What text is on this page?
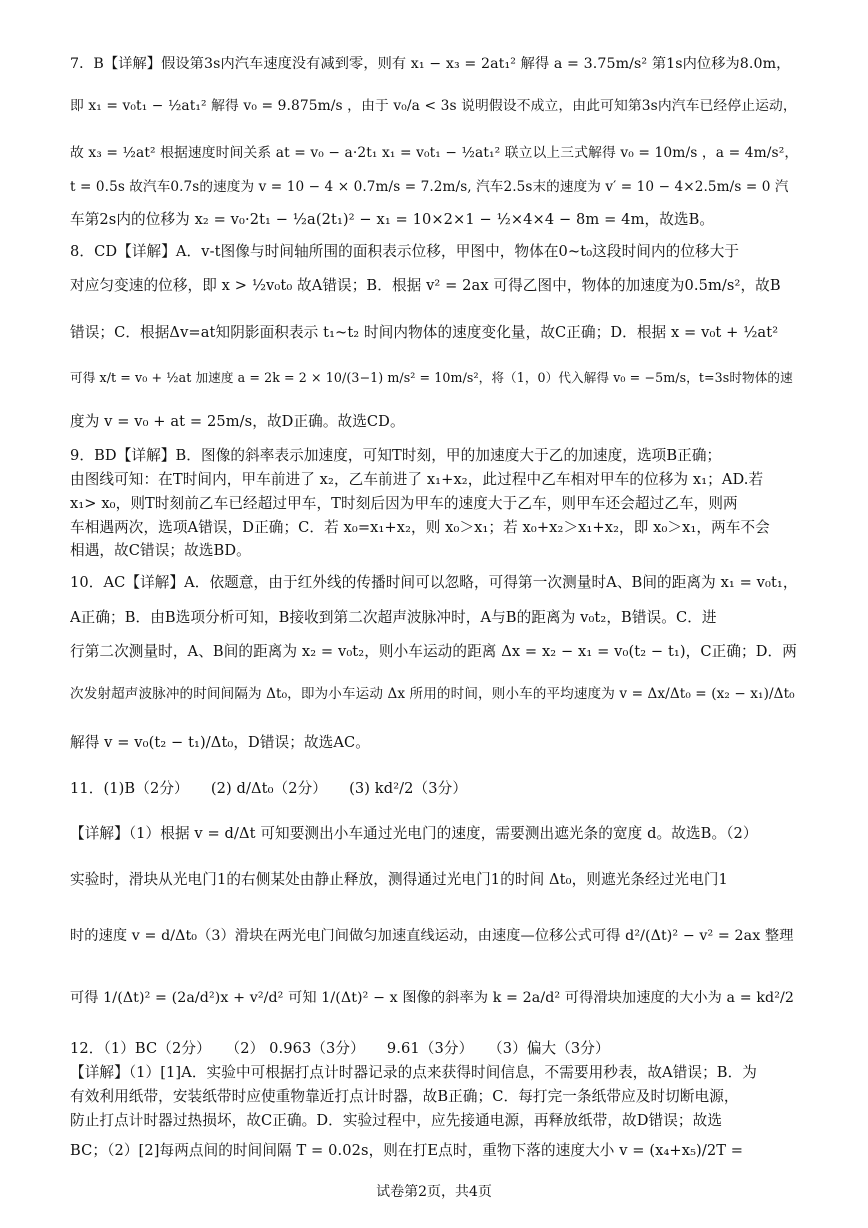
7．B【详解】假设第3s内汽车速度没有减到零，则有 x₁ − x₃ = 2at₁² 解得 a = 3.75m/s² 第1s内位移为8.0m，
即 x₁ = v₀t₁ − ½at₁² 解得 v₀ = 9.875m/s ，由于 v₀/a < 3s 说明假设不成立，由此可知第3s内汽车已经停止运动，
故 x₃ = ½at² 根据速度时间关系 at = v₀ − a·2t₁ x₁ = v₀t₁ − ½at₁² 联立以上三式解得 v₀ = 10m/s ，a = 4m/s²，
t = 0.5s 故汽车0.7s的速度为 v = 10 − 4 × 0.7m/s = 7.2m/s, 汽车2.5s末的速度为 v′ = 10 − 4×2.5m/s = 0 汽
车第2s内的位移为 x₂ = v₀·2t₁ − ½a(2t₁)² − x₁ = 10×2×1 − ½×4×4 − 8m = 4m，故选B。
8．CD【详解】A．v-t图像与时间轴所围的面积表示位移，甲图中，物体在0~t₀这段时间内的位移大于
对应匀变速的位移，即 x > ½v₀t₀ 故A错误；B．根据 v² = 2ax 可得乙图中，物体的加速度为0.5m/s²，故B
错误；C．根据Δv=at知阴影面积表示 t₁~t₂ 时间内物体的速度变化量，故C正确；D．根据 x = v₀t + ½at²
可得 x/t = v₀ + ½at 加速度 a = 2k = 2 × 10/(3−1) m/s² = 10m/s²，将（1，0）代入解得 v₀ = −5m/s，t=3s时物体的速
度为 v = v₀ + at = 25m/s，故D正确。故选CD。
9．BD【详解】B．图像的斜率表示加速度，可知T时刻，甲的加速度大于乙的加速度，选项B正确；
由图线可知：在T时间内，甲车前进了 x₂，乙车前进了 x₁+x₂，此过程中乙车相对甲车的位移为 x₁；AD.若
x₁> x₀，则T时刻前乙车已经超过甲车，T时刻后因为甲车的速度大于乙车，则甲车还会超过乙车，则两
车相遇两次，选项A错误，D正确；C．若 x₀=x₁+x₂，则 x₀＞x₁；若 x₀+x₂＞x₁+x₂，即 x₀＞x₁，两车不会
相遇，故C错误；故选BD。
10．AC【详解】A．依题意，由于红外线的传播时间可以忽略，可得第一次测量时A、B间的距离为 x₁ = v₀t₁，
A正确；B．由B选项分析可知，B接收到第二次超声波脉冲时，A与B的距离为 v₀t₂，B错误。C．进
行第二次测量时，A、B间的距离为 x₂ = v₀t₂，则小车运动的距离 Δx = x₂ − x₁ = v₀(t₂ − t₁)，C正确；D．两
次发射超声波脉冲的时间间隔为 Δt₀，即为小车运动 Δx 所用的时间，则小车的平均速度为 v = Δx/Δt₀ = (x₂ − x₁)/Δt₀
解得 v = v₀(t₂ − t₁)/Δt₀，D错误；故选AC。
11．(1)B（2分）　　(2) d/Δt₀（2分）　　(3) kd²/2（3分）
【详解】（1）根据 v = d/Δt 可知要测出小车通过光电门的速度，需要测出遮光条的宽度 d。故选B。（2）
实验时，滑块从光电门1的右侧某处由静止释放，测得通过光电门1的时间 Δt₀，则遮光条经过光电门1
时的速度 v = d/Δt₀（3）滑块在两光电门间做匀加速直线运动，由速度—位移公式可得 d²/(Δt)² − v² = 2ax 整理
可得 1/(Δt)² = (2a/d²)x + v²/d² 可知 1/(Δt)² − x 图像的斜率为 k = 2a/d² 可得滑块加速度的大小为 a = kd²/2
12．（1）BC（2分）　　（2） 0.963（3分）　　9.61（3分）　　（3）偏大（3分）
【详解】（1）[1]A．实验中可根据打点计时器记录的点来获得时间信息，不需要用秒表，故A错误；B．为
有效利用纸带，安装纸带时应使重物靠近打点计时器，故B正确；C．每打完一条纸带应及时切断电源，
防止打点计时器过热损坏，故C正确。D．实验过程中，应先接通电源，再释放纸带，故D错误；故选
BC；（2）[2]每两点间的时间间隔 T = 0.02s，则在打E点时，重物下落的速度大小 v = (x₄+x₅)/2T =
试卷第2页，共4页
